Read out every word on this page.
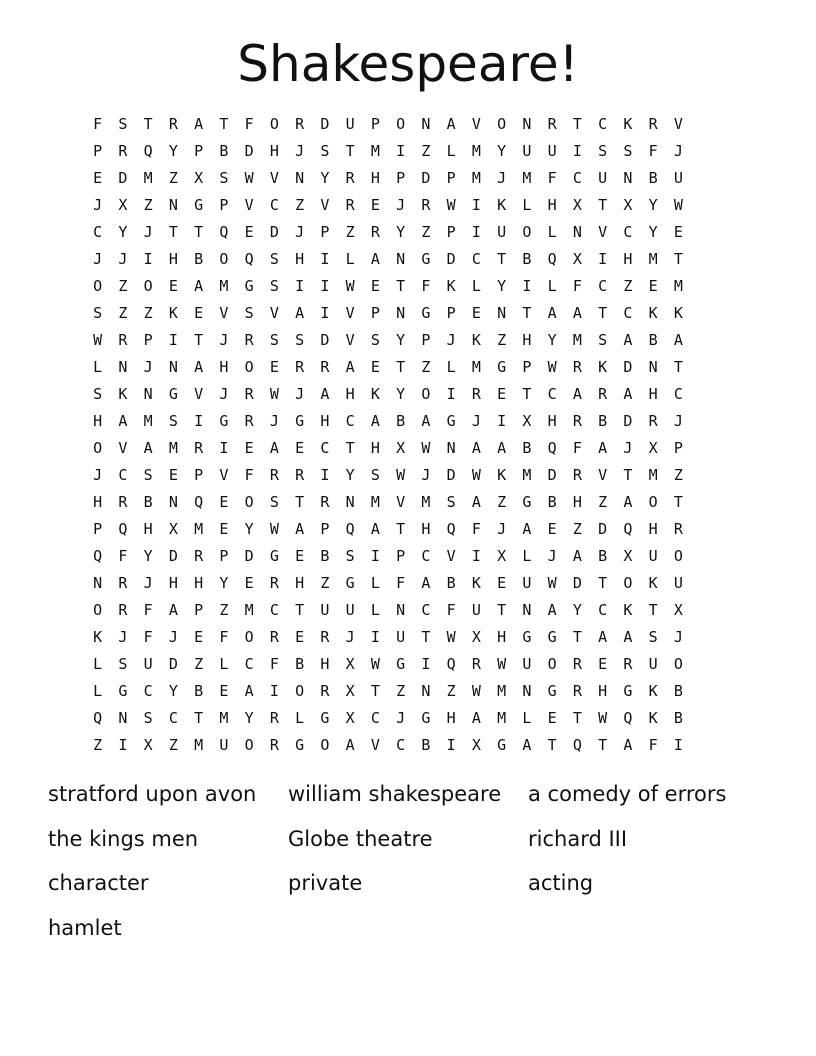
Shakespeare!
F	S	T	R	A	T	F	O	R	D	U	P	O	N	A	V	O	N	R	T	C	K	R	V
P	R	Q	Y	P	B	D	H	J	S	T	M	I	Z	L	M	Y	U	U	I	S	S	F	J
E	D	M	Z	X	S	W	V	N	Y	R	H	P	D	P	M	J	M	F	C	U	N	B	U
J	X	Z	N	G	P	V	C	Z	V	R	E	J	R	W	I	K	L	H	X	T	X	Y	W
C	Y	J	T	T	Q	E	D	J	P	Z	R	Y	Z	P	I	U	O	L	N	V	C	Y	E
J	J	I	H	B	O	Q	S	H	I	L	A	N	G	D	C	T	B	Q	X	I	H	M	T
O	Z	O	E	A	M	G	S	I	I	W	E	T	F	K	L	Y	I	L	F	C	Z	E	M
S	Z	Z	K	E	V	S	V	A	I	V	P	N	G	P	E	N	T	A	A	T	C	K	K
W	R	P	I	T	J	R	S	S	D	V	S	Y	P	J	K	Z	H	Y	M	S	A	B	A
L	N	J	N	A	H	O	E	R	R	A	E	T	Z	L	M	G	P	W	R	K	D	N	T
S	K	N	G	V	J	R	W	J	A	H	K	Y	O	I	R	E	T	C	A	R	A	H	C
H	A	M	S	I	G	R	J	G	H	C	A	B	A	G	J	I	X	H	R	B	D	R	J
O	V	A	M	R	I	E	A	E	C	T	H	X	W	N	A	A	B	Q	F	A	J	X	P
J	C	S	E	P	V	F	R	R	I	Y	S	W	J	D	W	K	M	D	R	V	T	M	Z
H	R	B	N	Q	E	O	S	T	R	N	M	V	M	S	A	Z	G	B	H	Z	A	O	T
P	Q	H	X	M	E	Y	W	A	P	Q	A	T	H	Q	F	J	A	E	Z	D	Q	H	R
Q	F	Y	D	R	P	D	G	E	B	S	I	P	C	V	I	X	L	J	A	B	X	U	O
N	R	J	H	H	Y	E	R	H	Z	G	L	F	A	B	K	E	U	W	D	T	O	K	U
O	R	F	A	P	Z	M	C	T	U	U	L	N	C	F	U	T	N	A	Y	C	K	T	X
K	J	F	J	E	F	O	R	E	R	J	I	U	T	W	X	H	G	G	T	A	A	S	J
L	S	U	D	Z	L	C	F	B	H	X	W	G	I	Q	R	W	U	O	R	E	R	U	O
L	G	C	Y	B	E	A	I	O	R	X	T	Z	N	Z	W	M	N	G	R	H	G	K	B
Q	N	S	C	T	M	Y	R	L	G	X	C	J	G	H	A	M	L	E	T	W	Q	K	B
Z	I	X	Z	M	U	O	R	G	O	A	V	C	B	I	X	G	A	T	Q	T	A	F	I
stratford upon avon	william shakespeare	a comedy of errors
the kings men	Globe theatre	richard III
character	private	acting
hamlet
